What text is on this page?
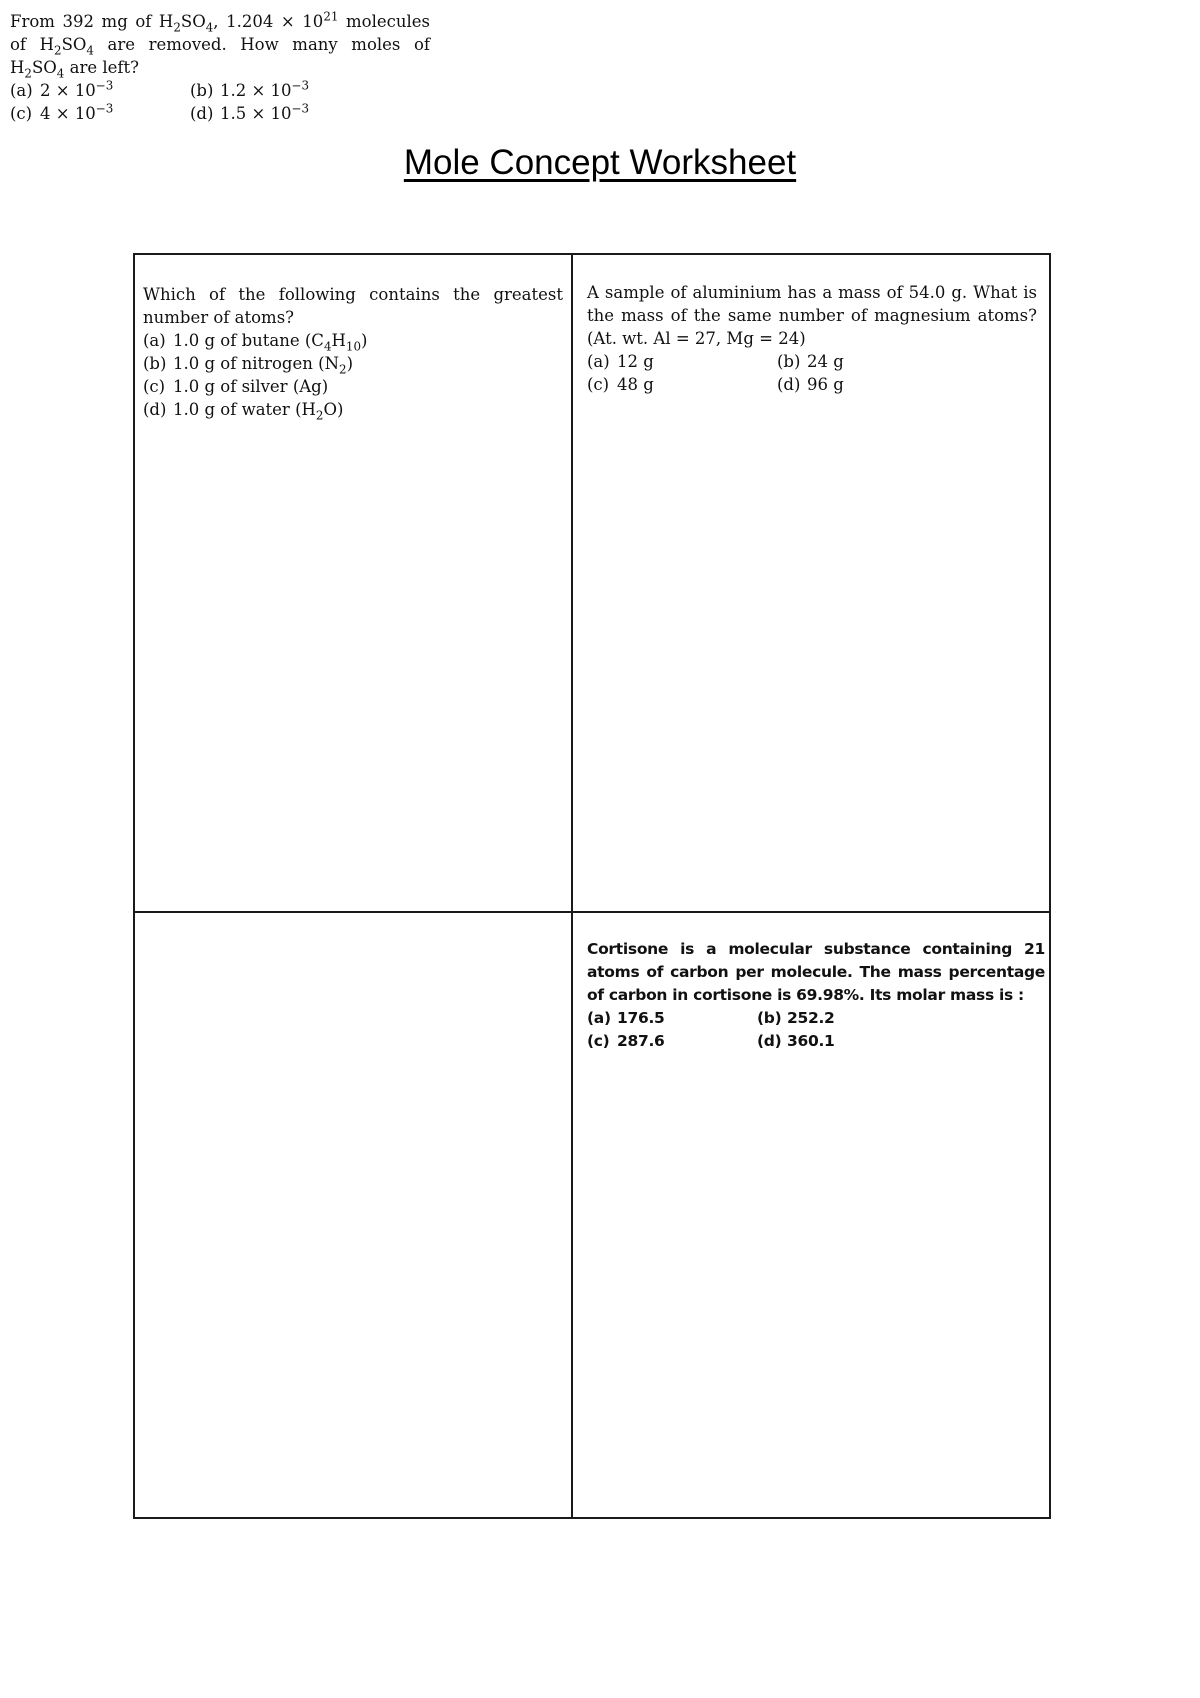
From 392 mg of $H_2SO_4$, $1.204 \times 10^{21}$ molecules of $H_2SO_4$ are removed. How many moles of $H_2SO_4$ are left?

(a) $2 \times 10^{-3}$	(b) $1.2 \times 10^{-3}$
(c) $4 \times 10^{-3}$	(d) $1.5 \times 10^{-3}$
Mole Concept Worksheet

Which of the following contains the greatest number of atoms?

(a) 1.0 g of butane $(C_4H_{10})$
(b) 1.0 g of nitrogen $(N_2)$
(c) 1.0 g of silver (Ag)
(d) 1.0 g of water $(H_2O)$

A sample of aluminium has a mass of 54.0 g. What is the mass of the same number of magnesium atoms? (At. wt. Al = 27, Mg = 24)

(a) 12 g	(b) 24 g
(c) 48 g	(d) 96 g

Cortisone is a molecular substance containing 21 atoms of carbon per molecule. The mass percentage of carbon in cortisone is 69.98%. Its molar mass is :

(a) 176.5	(b) 252.2
(c) 287.6	(d) 360.1
